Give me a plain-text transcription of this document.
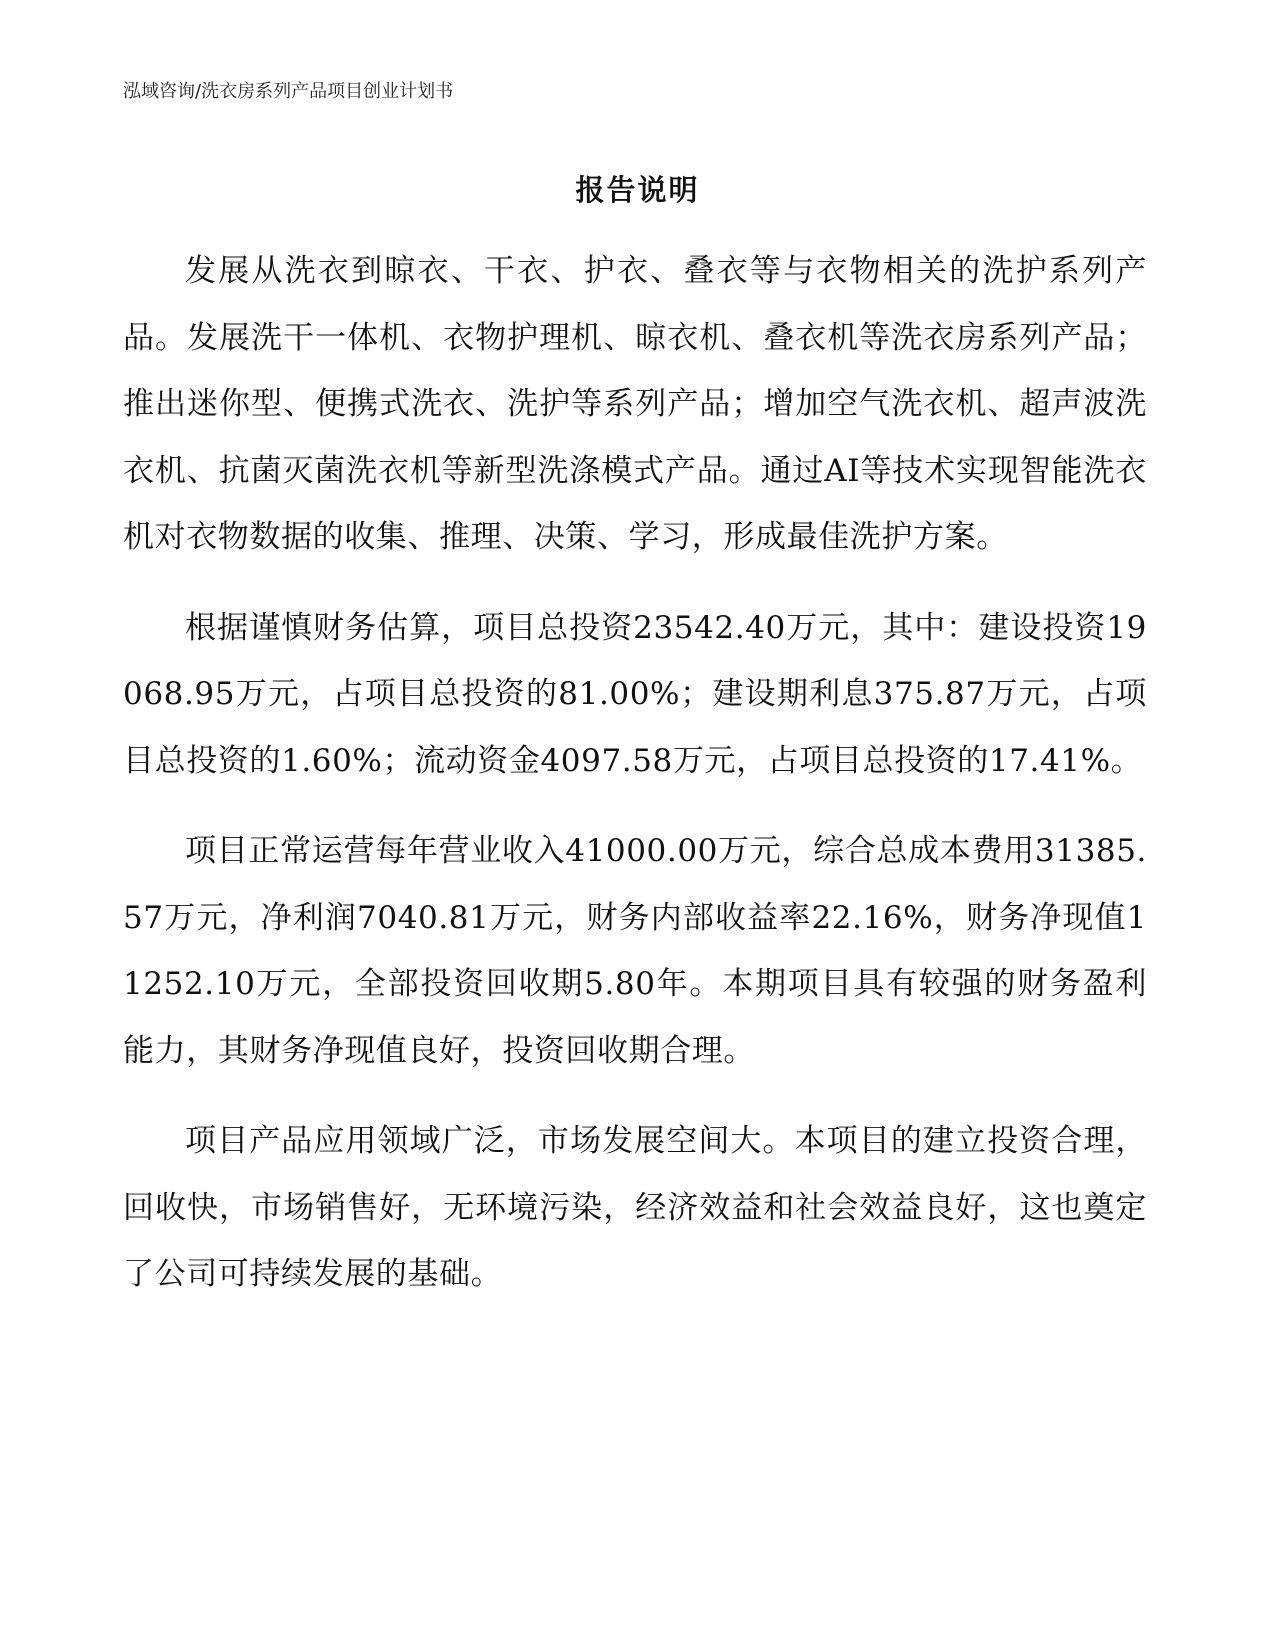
泓域咨询/洗衣房系列产品项目创业计划书
报告说明

发展从洗衣到晾衣、干衣、护衣、叠衣等与衣物相关的洗护系列产品。发展洗干一体机、衣物护理机、晾衣机、叠衣机等洗衣房系列产品；推出迷你型、便携式洗衣、洗护等系列产品；增加空气洗衣机、超声波洗衣机、抗菌灭菌洗衣机等新型洗涤模式产品。通过AI等技术实现智能洗衣机对衣物数据的收集、推理、决策、学习，形成最佳洗护方案。

根据谨慎财务估算，项目总投资23542.40万元，其中：建设投资19068.95万元，占项目总投资的81.00%；建设期利息375.87万元，占项目总投资的1.60%；流动资金4097.58万元，占项目总投资的17.41%。

项目正常运营每年营业收入41000.00万元，综合总成本费用31385.57万元，净利润7040.81万元，财务内部收益率22.16%，财务净现值11252.10万元，全部投资回收期5.80年。本期项目具有较强的财务盈利能力，其财务净现值良好，投资回收期合理。

项目产品应用领域广泛，市场发展空间大。本项目的建立投资合理，回收快，市场销售好，无环境污染，经济效益和社会效益良好，这也奠定了公司可持续发展的基础。
